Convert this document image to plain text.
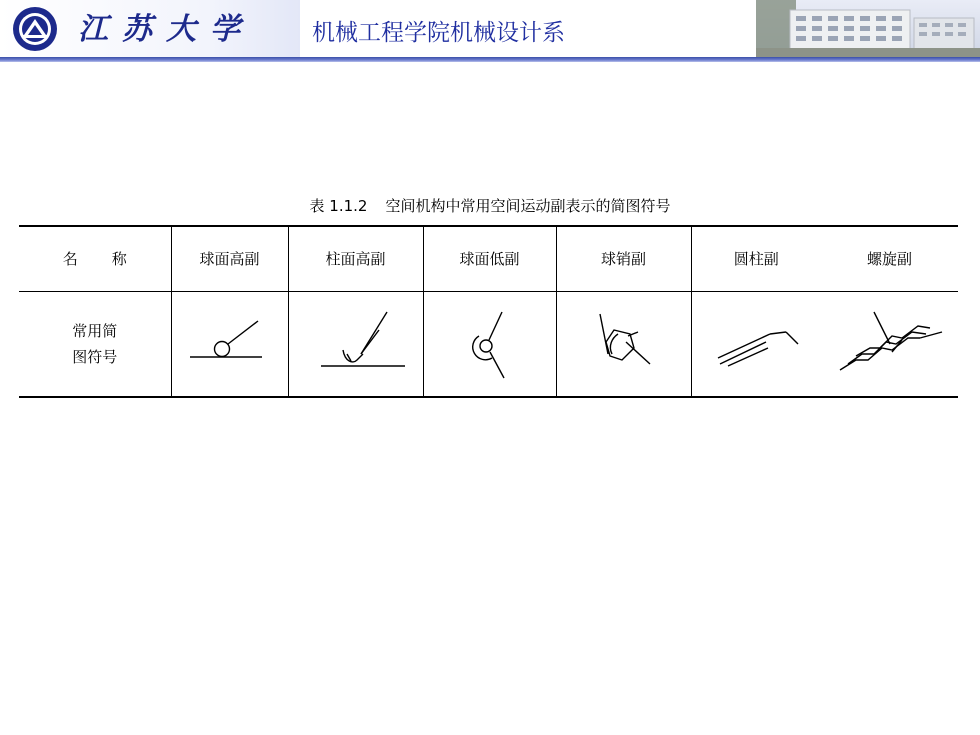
江苏大学	机械工程学院机械设计系
表 1.1.2 空间机构中常用空间运动副表示的简图符号
名 称	球面高副	柱面高副	球面低副	球销副	圆柱副	螺旋副

常用简
图符号
